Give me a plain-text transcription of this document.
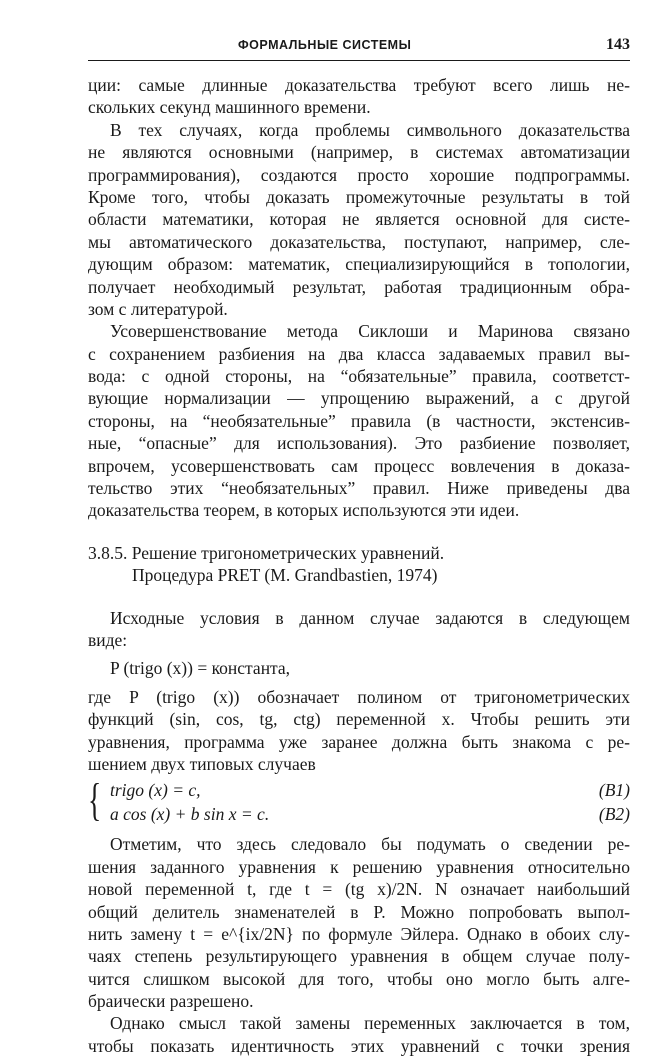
ФОРМАЛЬНЫЕ СИСТЕМЫ	143
ции: самые длинные доказательства требуют всего лишь не-
скольких секунд машинного времени.
В тех случаях, когда проблемы символьного доказательства
не являются основными (например, в системах автоматизации
программирования), создаются просто хорошие подпрограммы.
Кроме того, чтобы доказать промежуточные результаты в той
области математики, которая не является основной для систе-
мы автоматического доказательства, поступают, например, сле-
дующим образом: математик, специализирующийся в топологии,
получает необходимый результат, работая традиционным обра-
зом с литературой.
Усовершенствование метода Сиклоши и Маринова связано
с сохранением разбиения на два класса задаваемых правил вы-
вода: с одной стороны, на “обязательные” правила, соответст-
вующие нормализации — упрощению выражений, а с другой
стороны, на “необязательные” правила (в частности, экстенсив-
ные, “опасные” для использования). Это разбиение позволяет,
впрочем, усовершенствовать сам процесс вовлечения в доказа-
тельство этих “необязательных” правил. Ниже приведены два
доказательства теорем, в которых используются эти идеи.
3.8.5. Решение тригонометрических уравнений.
Процедура PRET (M. Grandbastien, 1974)
Исходные условия в данном случае задаются в следующем
виде:
P (trigo (x)) = константа,
где P (trigo (x)) обозначает полином от тригонометрических
функций (sin, cos, tg, ctg) переменной x. Чтобы решить эти
уравнения, программа уже заранее должна быть знакома с ре-
шением двух типовых случаев
{ trigo (x) = c,	(B1)
a cos (x) + b sin x = c.	(B2)
Отметим, что здесь следовало бы подумать о сведении ре-
шения заданного уравнения к решению уравнения относительно
новой переменной t, где t = (tg x)/2N. N означает наибольший
общий делитель знаменателей в P. Можно попробовать выпол-
нить замену t = e^{ix/2N} по формуле Эйлера. Однако в обоих слу-
чаях степень результирующего уравнения в общем случае полу-
чится слишком высокой для того, чтобы оно могло быть алге-
браически разрешено.
Однако смысл такой замены переменных заключается в том,
чтобы показать идентичность этих уравнений с точки зрения
